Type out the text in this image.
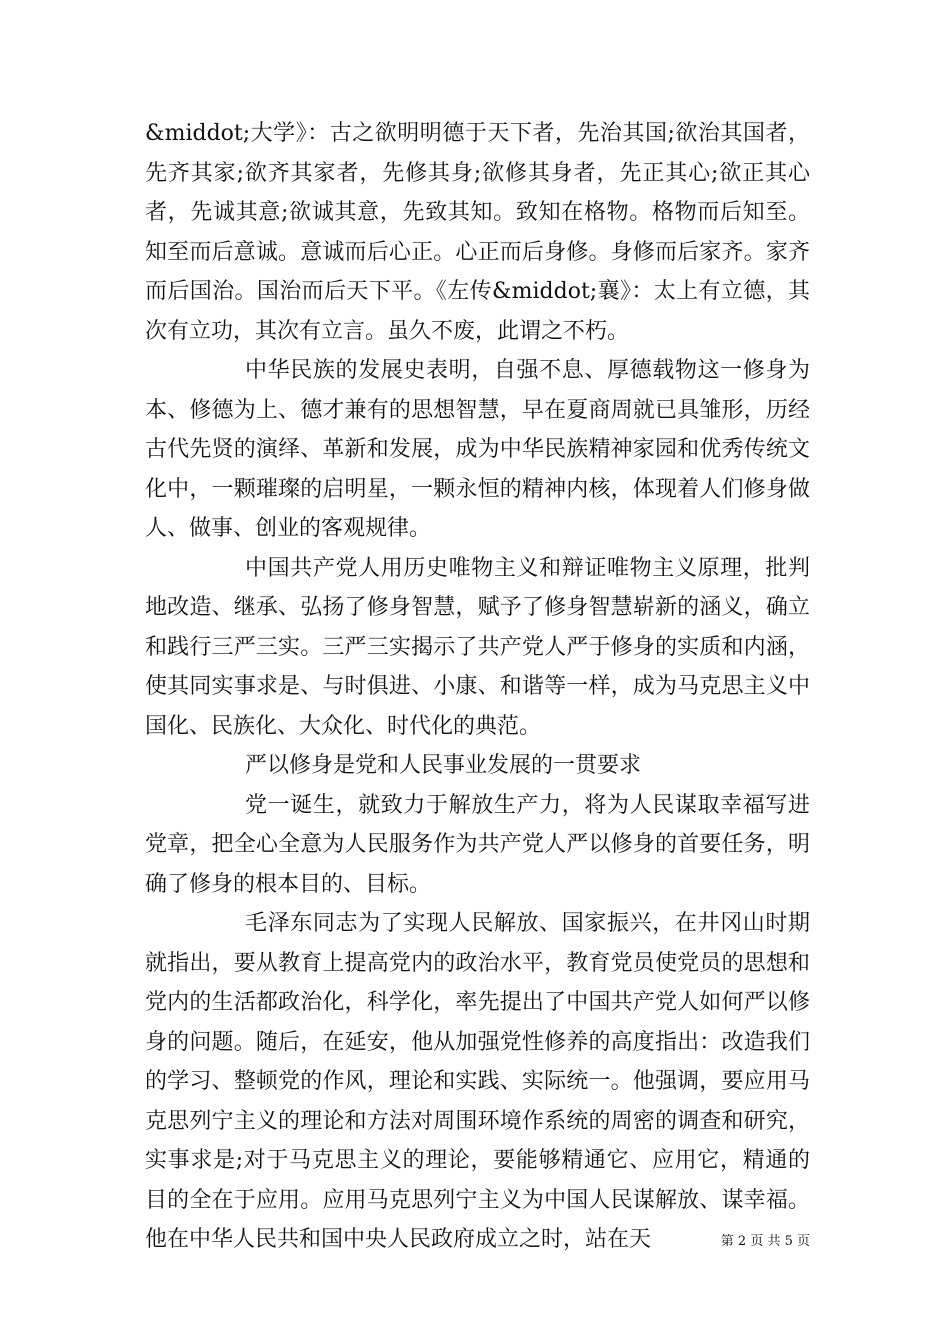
&middot;大学》：古之欲明明德于天下者，先治其国;欲治其国者，先齐其家;欲齐其家者，先修其身;欲修其身者，先正其心;欲正其心者，先诚其意;欲诚其意，先致其知。致知在格物。格物而后知至。知至而后意诚。意诚而后心正。心正而后身修。身修而后家齐。家齐而后国治。国治而后天下平。《左传&middot;襄》：太上有立德，其次有立功，其次有立言。虽久不废，此谓之不朽。

中华民族的发展史表明，自强不息、厚德载物这一修身为本、修德为上、德才兼有的思想智慧，早在夏商周就已具雏形，历经古代先贤的演绎、革新和发展，成为中华民族精神家园和优秀传统文化中，一颗璀璨的启明星，一颗永恒的精神内核，体现着人们修身做人、做事、创业的客观规律。

中国共产党人用历史唯物主义和辩证唯物主义原理，批判地改造、继承、弘扬了修身智慧，赋予了修身智慧崭新的涵义，确立和践行三严三实。三严三实揭示了共产党人严于修身的实质和内涵，使其同实事求是、与时俱进、小康、和谐等一样，成为马克思主义中国化、民族化、大众化、时代化的典范。

严以修身是党和人民事业发展的一贯要求

党一诞生，就致力于解放生产力，将为人民谋取幸福写进党章，把全心全意为人民服务作为共产党人严以修身的首要任务，明确了修身的根本目的、目标。

毛泽东同志为了实现人民解放、国家振兴，在井冈山时期就指出，要从教育上提高党内的政治水平，教育党员使党员的思想和党内的生活都政治化，科学化，率先提出了中国共产党人如何严以修身的问题。随后，在延安，他从加强党性修养的高度指出：改造我们的学习、整顿党的作风，理论和实践、实际统一。他强调，要应用马克思列宁主义的理论和方法对周围环境作系统的周密的调查和研究，实事求是;对于马克思主义的理论，要能够精通它、应用它，精通的目的全在于应用。应用马克思列宁主义为中国人民谋解放、谋幸福。他在中华人民共和国中央人民政府成立之时，站在天	第 2 页 共 5 页
